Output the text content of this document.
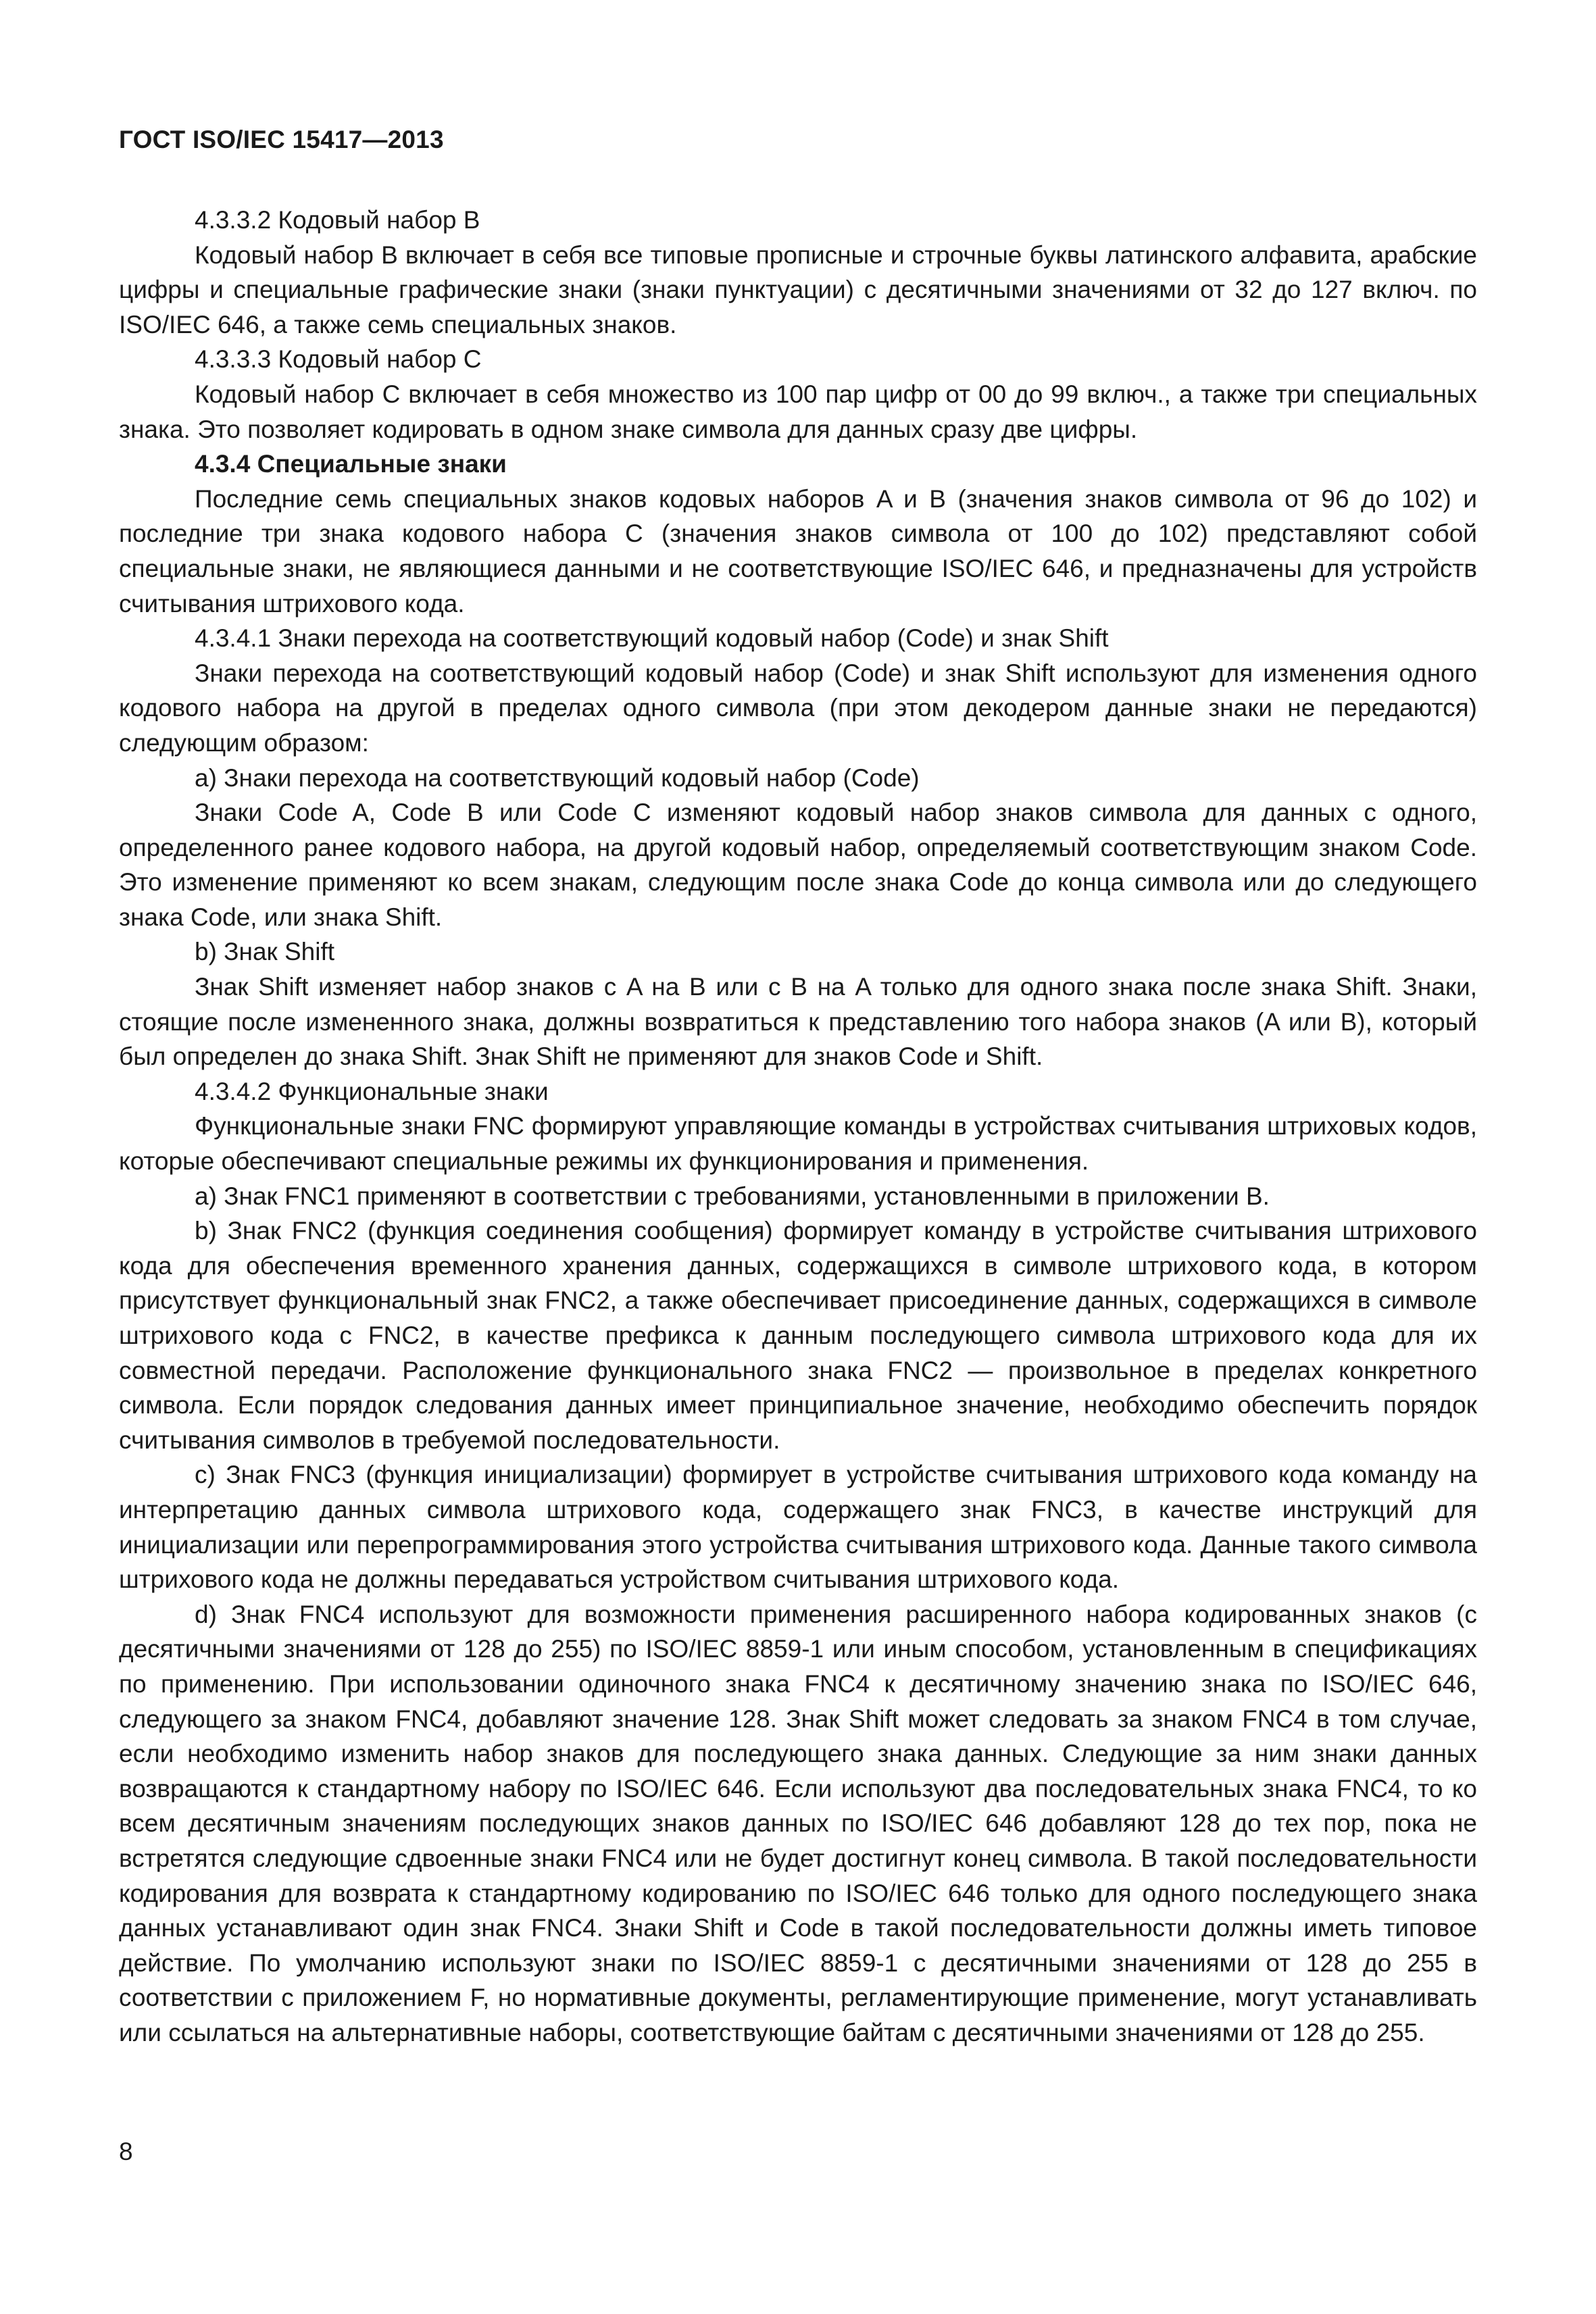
ГОСТ ISO/IEC 15417—2013

4.3.3.2 Кодовый набор B

Кодовый набор B включает в себя все типовые прописные и строчные буквы латинского алфавита, арабские цифры и специальные графические знаки (знаки пунктуации) с десятичными значениями от 32 до 127 включ. по ISO/IEC 646, а также семь специальных знаков.

4.3.3.3 Кодовый набор C

Кодовый набор C включает в себя множество из 100 пар цифр от 00 до 99 включ., а также три специальных знака. Это позволяет кодировать в одном знаке символа для данных сразу две цифры.

4.3.4 Специальные знаки

Последние семь специальных знаков кодовых наборов A и B (значения знаков символа от 96 до 102) и последние три знака кодового набора C (значения знаков символа от 100 до 102) представляют собой специальные знаки, не являющиеся данными и не соответствующие ISO/IEC 646, и предназначены для устройств считывания штрихового кода.

4.3.4.1 Знаки перехода на соответствующий кодовый набор (Code) и знак Shift

Знаки перехода на соответствующий кодовый набор (Code) и знак Shift используют для изменения одного кодового набора на другой в пределах одного символа (при этом декодером данные знаки не передаются) следующим образом:

a) Знаки перехода на соответствующий кодовый набор (Code)

Знаки Code A, Code B или Code C изменяют кодовый набор знаков символа для данных с одного, определенного ранее кодового набора, на другой кодовый набор, определяемый соответствующим знаком Code. Это изменение применяют ко всем знакам, следующим после знака Code до конца символа или до следующего знака Code, или знака Shift.

b) Знак Shift

Знак Shift изменяет набор знаков с A на B или с B на A только для одного знака после знака Shift. Знаки, стоящие после измененного знака, должны возвратиться к представлению того набора знаков (A или B), который был определен до знака Shift. Знак Shift не применяют для знаков Code и Shift.

4.3.4.2 Функциональные знаки

Функциональные знаки FNC формируют управляющие команды в устройствах считывания штриховых кодов, которые обеспечивают специальные режимы их функционирования и применения.

a) Знак FNC1 применяют в соответствии с требованиями, установленными в приложении B.

b) Знак FNC2 (функция соединения сообщения) формирует команду в устройстве считывания штрихового кода для обеспечения временного хранения данных, содержащихся в символе штрихового кода, в котором присутствует функциональный знак FNC2, а также обеспечивает присоединение данных, содержащихся в символе штрихового кода с FNC2, в качестве префикса к данным последующего символа штрихового кода для их совместной передачи. Расположение функционального знака FNC2 — произвольное в пределах конкретного символа. Если порядок следования данных имеет принципиальное значение, необходимо обеспечить порядок считывания символов в требуемой последовательности.

c) Знак FNC3 (функция инициализации) формирует в устройстве считывания штрихового кода команду на интерпретацию данных символа штрихового кода, содержащего знак FNC3, в качестве инструкций для инициализации или перепрограммирования этого устройства считывания штрихового кода. Данные такого символа штрихового кода не должны передаваться устройством считывания штрихового кода.

d) Знак FNC4 используют для возможности применения расширенного набора кодированных знаков (с десятичными значениями от 128 до 255) по ISO/IEC 8859-1 или иным способом, установленным в спецификациях по применению. При использовании одиночного знака FNC4 к десятичному значению знака по ISO/IEC 646, следующего за знаком FNC4, добавляют значение 128. Знак Shift может следовать за знаком FNC4 в том случае, если необходимо изменить набор знаков для последующего знака данных. Следующие за ним знаки данных возвращаются к стандартному набору по ISO/IEC 646. Если используют два последовательных знака FNC4, то ко всем десятичным значениям последующих знаков данных по ISO/IEC 646 добавляют 128 до тех пор, пока не встретятся следующие сдвоенные знаки FNC4 или не будет достигнут конец символа. В такой последовательности кодирования для возврата к стандартному кодированию по ISO/IEC 646 только для одного последующего знака данных устанавливают один знак FNC4. Знаки Shift и Code в такой последовательности должны иметь типовое действие. По умолчанию используют знаки по ISO/IEC 8859-1 с десятичными значениями от 128 до 255 в соответствии с приложением F, но нормативные документы, регламентирующие применение, могут устанавливать или ссылаться на альтернативные наборы, соответствующие байтам с десятичными значениями от 128 до 255.

8
